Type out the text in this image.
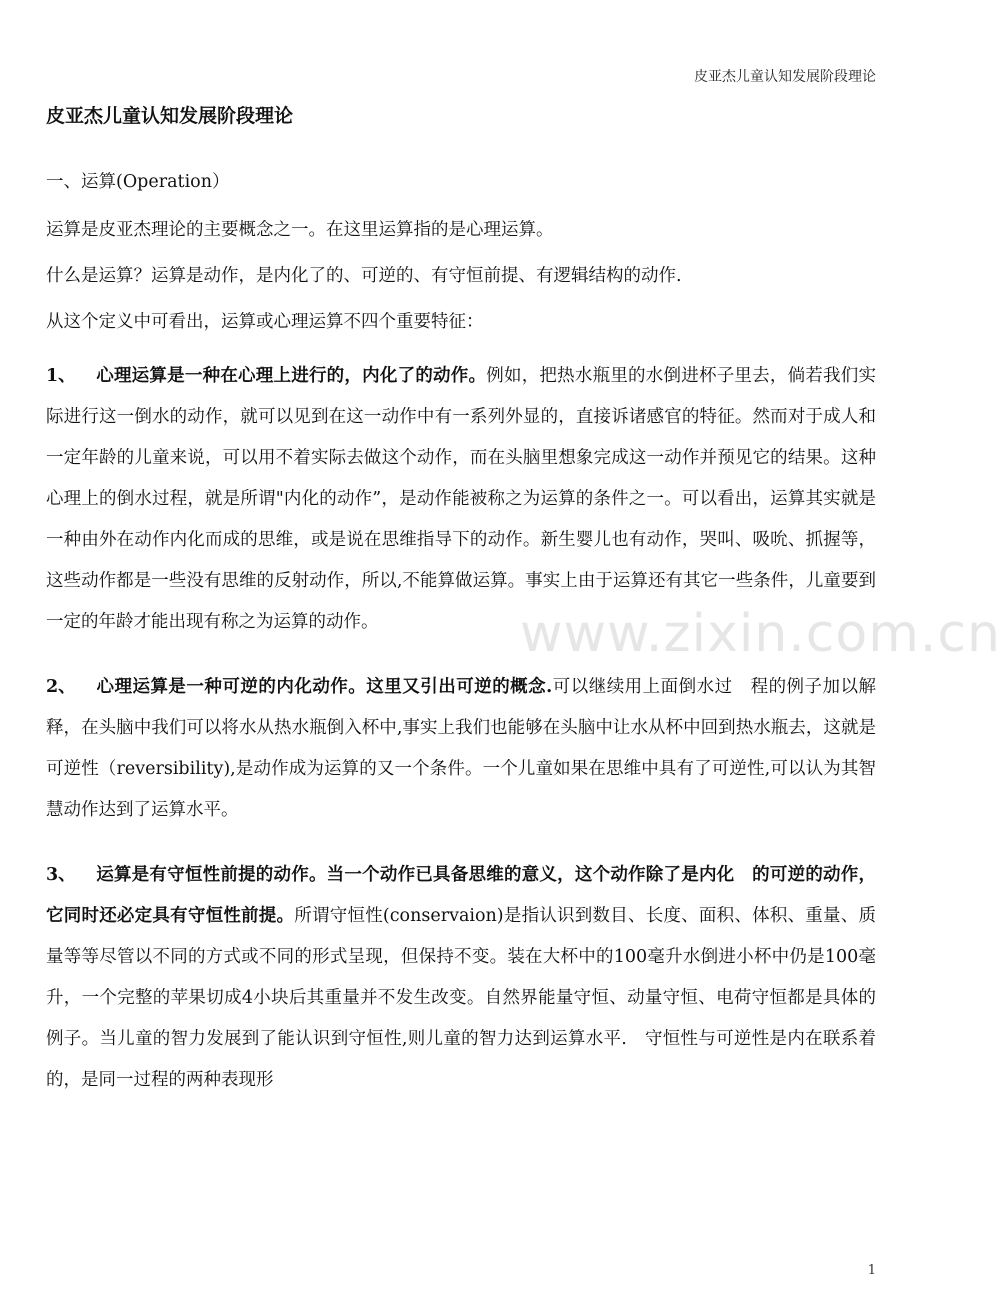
皮亚杰儿童认知发展阶段理论
皮亚杰儿童认知发展阶段理论
www.zixin.com.cn

一、运算(Operation）

运算是皮亚杰理论的主要概念之一。在这里运算指的是心理运算。

什么是运算？运算是动作，是内化了的、可逆的、有守恒前提、有逻辑结构的动作.

从这个定义中可看出，运算或心理运算不四个重要特征：

1、 心理运算是一种在心理上进行的，内化了的动作。例如，把热水瓶里的水倒进杯子里去，倘若我们实际进行这一倒水的动作，就可以见到在这一动作中有一系列外显的，直接诉诸感官的特征。然而对于成人和一定年龄的儿童来说，可以用不着实际去做这个动作，而在头脑里想象完成这一动作并预见它的结果。这种心理上的倒水过程，就是所谓"内化的动作”，是动作能被称之为运算的条件之一。可以看出，运算其实就是一种由外在动作内化而成的思维，或是说在思维指导下的动作。新生婴儿也有动作，哭叫、吸吮、抓握等，这些动作都是一些没有思维的反射动作，所以,不能算做运算。事实上由于运算还有其它一些条件，儿童要到一定的年龄才能出现有称之为运算的动作。

2、 心理运算是一种可逆的内化动作。这里又引出可逆的概念.可以继续用上面倒水过　程的例子加以解释，在头脑中我们可以将水从热水瓶倒入杯中,事实上我们也能够在头脑中让水从杯中回到热水瓶去，这就是可逆性（reversibility),是动作成为运算的又一个条件。一个儿童如果在思维中具有了可逆性,可以认为其智慧动作达到了运算水平。

3、 运算是有守恒性前提的动作。当一个动作已具备思维的意义，这个动作除了是内化　的可逆的动作，它同时还必定具有守恒性前提。所谓守恒性(conservaion)是指认识到数目、长度、面积、体积、重量、质量等等尽管以不同的方式或不同的形式呈现，但保持不变。装在大杯中的100毫升水倒进小杯中仍是100毫升，一个完整的苹果切成4小块后其重量并不发生改变。自然界能量守恒、动量守恒、电荷守恒都是具体的例子。当儿童的智力发展到了能认识到守恒性,则儿童的智力达到运算水平.　守恒性与可逆性是内在联系着的，是同一过程的两种表现形

1
